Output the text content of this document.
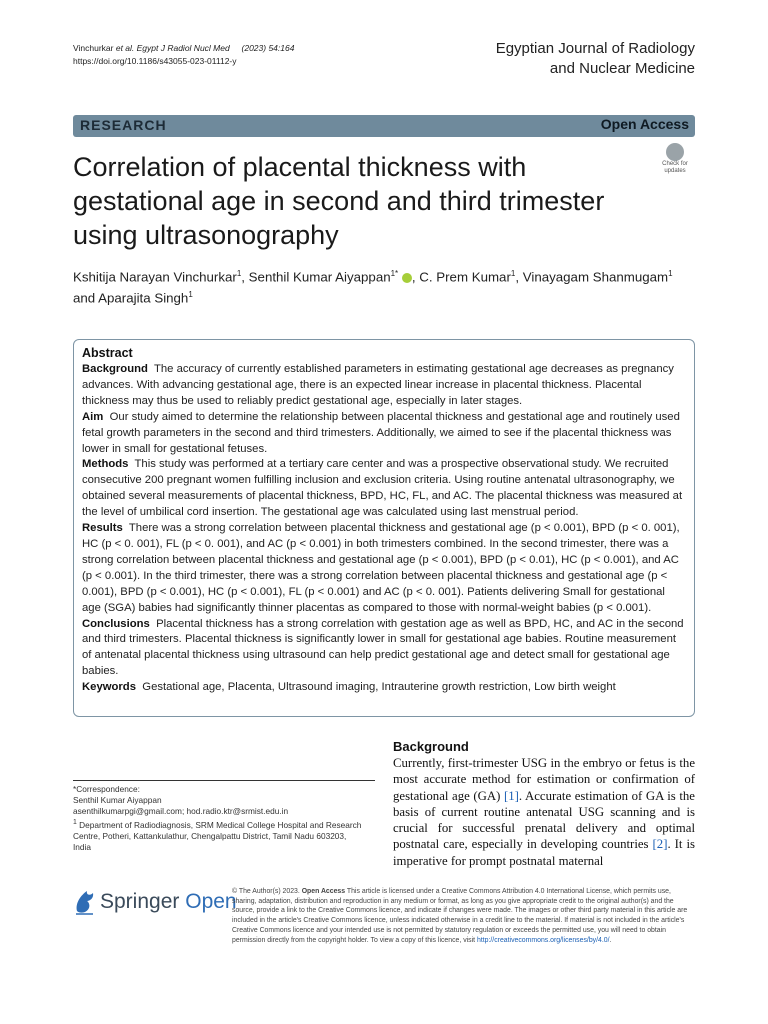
Vinchurkar et al. Egypt J Radiol Nucl Med (2023) 54:164
https://doi.org/10.1186/s43055-023-01112-y
Egyptian Journal of Radiology
and Nuclear Medicine
RESEARCH	Open Access
Correlation of placental thickness with gestational age in second and third trimester using ultrasonography
Check for
updates
Kshitija Narayan Vinchurkar$^1$, Senthil Kumar Aiyappan$^{1*}$ , C. Prem Kumar$^1$, Vinayagam Shanmugam$^1$ and Aparajita Singh$^1$
Abstract

Background The accuracy of currently established parameters in estimating gestational age decreases as pregnancy advances. With advancing gestational age, there is an expected linear increase in placental thickness. Placental thickness may thus be used to reliably predict gestational age, especially in later stages.

Aim Our study aimed to determine the relationship between placental thickness and gestational age and routinely used fetal growth parameters in the second and third trimesters. Additionally, we aimed to see if the placental thickness was lower in small for gestational fetuses.

Methods This study was performed at a tertiary care center and was a prospective observational study. We recruited consecutive 200 pregnant women fulfilling inclusion and exclusion criteria. Using routine antenatal ultrasonography, we obtained several measurements of placental thickness, BPD, HC, FL, and AC. The placental thickness was measured at the level of umbilical cord insertion. The gestational age was calculated using last menstrual period.

Results There was a strong correlation between placental thickness and gestational age (p < 0.001), BPD (p < 0. 001), HC (p < 0. 001), FL (p < 0. 001), and AC (p < 0.001) in both trimesters combined. In the second trimester, there was a strong correlation between placental thickness and gestational age (p < 0.001), BPD (p < 0.01), HC (p < 0.001), and AC (p < 0.001). In the third trimester, there was a strong correlation between placental thickness and gestational age (p < 0.001), BPD (p < 0.001), HC (p < 0.001), FL (p < 0.001) and AC (p < 0. 001). Patients delivering Small for gestational age (SGA) babies had significantly thinner placentas as compared to those with normal-weight babies (p < 0.001).

Conclusions Placental thickness has a strong correlation with gestation age as well as BPD, HC, and AC in the second and third trimesters. Placental thickness is significantly lower in small for gestational age babies. Routine measurement of antenatal placental thickness using ultrasound can help predict gestational age and detect small for gestational age babies.

Keywords Gestational age, Placenta, Ultrasound imaging, Intrauterine growth restriction, Low birth weight

Background
Currently, first-trimester USG in the embryo or fetus is the most accurate method for estimation or confirmation of gestational age (GA) [1]. Accurate estimation of GA is the basis of current routine antenatal USG scanning and is crucial for successful prenatal delivery and optimal postnatal care, especially in developing countries [2]. It is imperative for prompt postnatal maternal
*Correspondence:
Senthil Kumar Aiyappan
asenthilkumarpgi@gmail.com; hod.radio.ktr@srmist.edu.in
$^1$ Department of Radiodiagnosis, SRM Medical College Hospital and Research Centre, Potheri, Kattankulathur, Chengalpattu District, Tamil Nadu 603203, India
Springer Open
© The Author(s) 2023. Open Access This article is licensed under a Creative Commons Attribution 4.0 International License, which permits use, sharing, adaptation, distribution and reproduction in any medium or format, as long as you give appropriate credit to the original author(s) and the source, provide a link to the Creative Commons licence, and indicate if changes were made. The images or other third party material in this article are included in the article's Creative Commons licence, unless indicated otherwise in a credit line to the material. If material is not included in the article's Creative Commons licence and your intended use is not permitted by statutory regulation or exceeds the permitted use, you will need to obtain permission directly from the copyright holder. To view a copy of this licence, visit http://creativecommons.org/licenses/by/4.0/.
